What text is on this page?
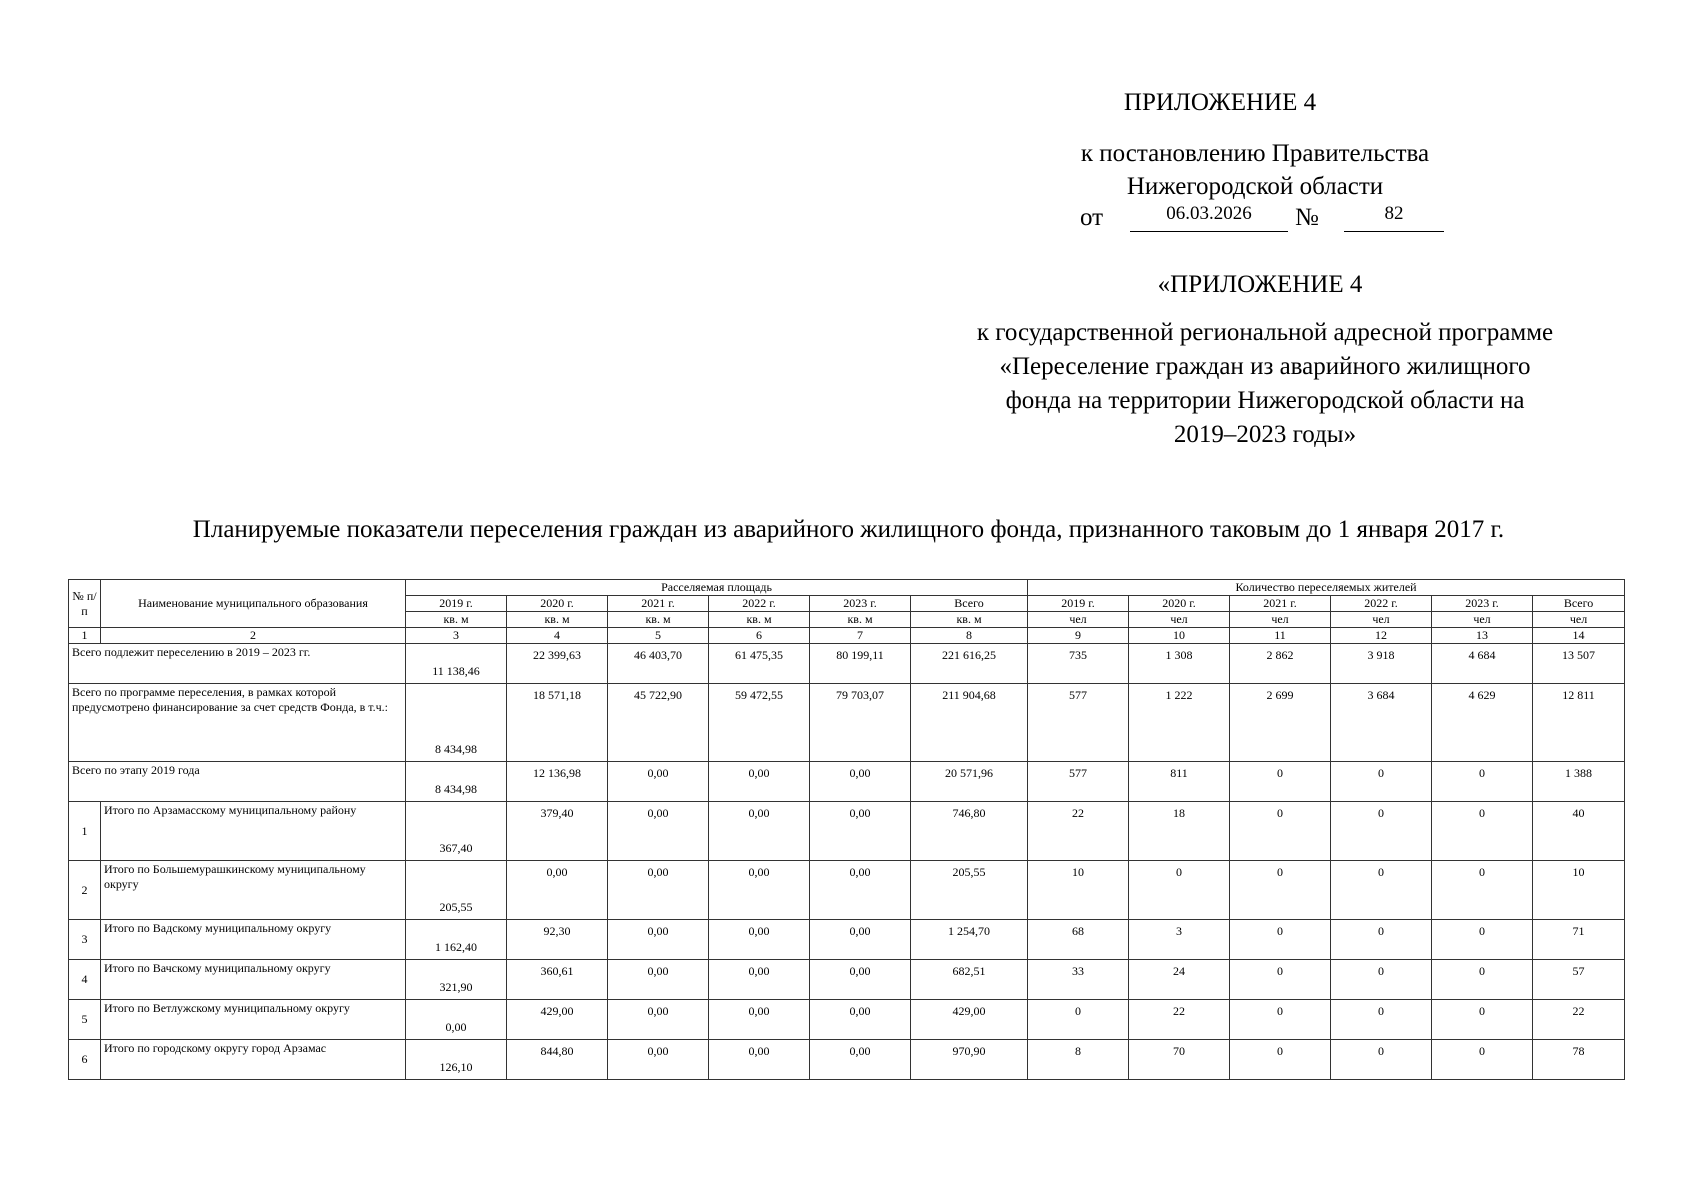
ПРИЛОЖЕНИЕ 4
к постановлению Правительства
Нижегородской области
от	06.03.2026	№	82
«ПРИЛОЖЕНИЕ 4
к государственной региональной адресной программе
«Переселение граждан из аварийного жилищного
фонда на территории Нижегородской области на
2019–2023 годы»
Планируемые показатели переселения граждан из аварийного жилищного фонда, признанного таковым до 1 января 2017 г.
№ п/п	Наименование муниципального образования	Расселяемая площадь						Количество переселяемых жителей					
		2019 г.	2020 г.	2021 г.	2022 г.	2023 г.	Всего	2019 г.	2020 г.	2021 г.	2022 г.	2023 г.	Всего
		кв. м	кв. м	кв. м	кв. м	кв. м	кв. м	чел	чел	чел	чел	чел	чел
1	2	3	4	5	6	7	8	9	10	11	12	13	14
Всего подлежит переселению в 2019 – 2023 гг.		11 138,46	22 399,63	46 403,70	61 475,35	80 199,11	221 616,25	735	1 308	2 862	3 918	4 684	13 507
Всего по программе переселения, в рамках которой предусмотрено финансирование за счет средств Фонда, в т.ч.:		8 434,98	18 571,18	45 722,90	59 472,55	79 703,07	211 904,68	577	1 222	2 699	3 684	4 629	12 811
Всего по этапу 2019 года		8 434,98	12 136,98	0,00	0,00	0,00	20 571,96	577	811	0	0	0	1 388
1	Итого по Арзамасскому муниципальному району	367,40	379,40	0,00	0,00	0,00	746,80	22	18	0	0	0	40
2	Итого по Большемурашкинскому муниципальному округу	205,55	0,00	0,00	0,00	0,00	205,55	10	0	0	0	0	10
3	Итого по Вадскому муниципальному округу	1 162,40	92,30	0,00	0,00	0,00	1 254,70	68	3	0	0	0	71
4	Итого по Вачскому муниципальному округу	321,90	360,61	0,00	0,00	0,00	682,51	33	24	0	0	0	57
5	Итого по Ветлужскому муниципальному округу	0,00	429,00	0,00	0,00	0,00	429,00	0	22	0	0	0	22
6	Итого по городскому округу город Арзамас	126,10	844,80	0,00	0,00	0,00	970,90	8	70	0	0	0	78
